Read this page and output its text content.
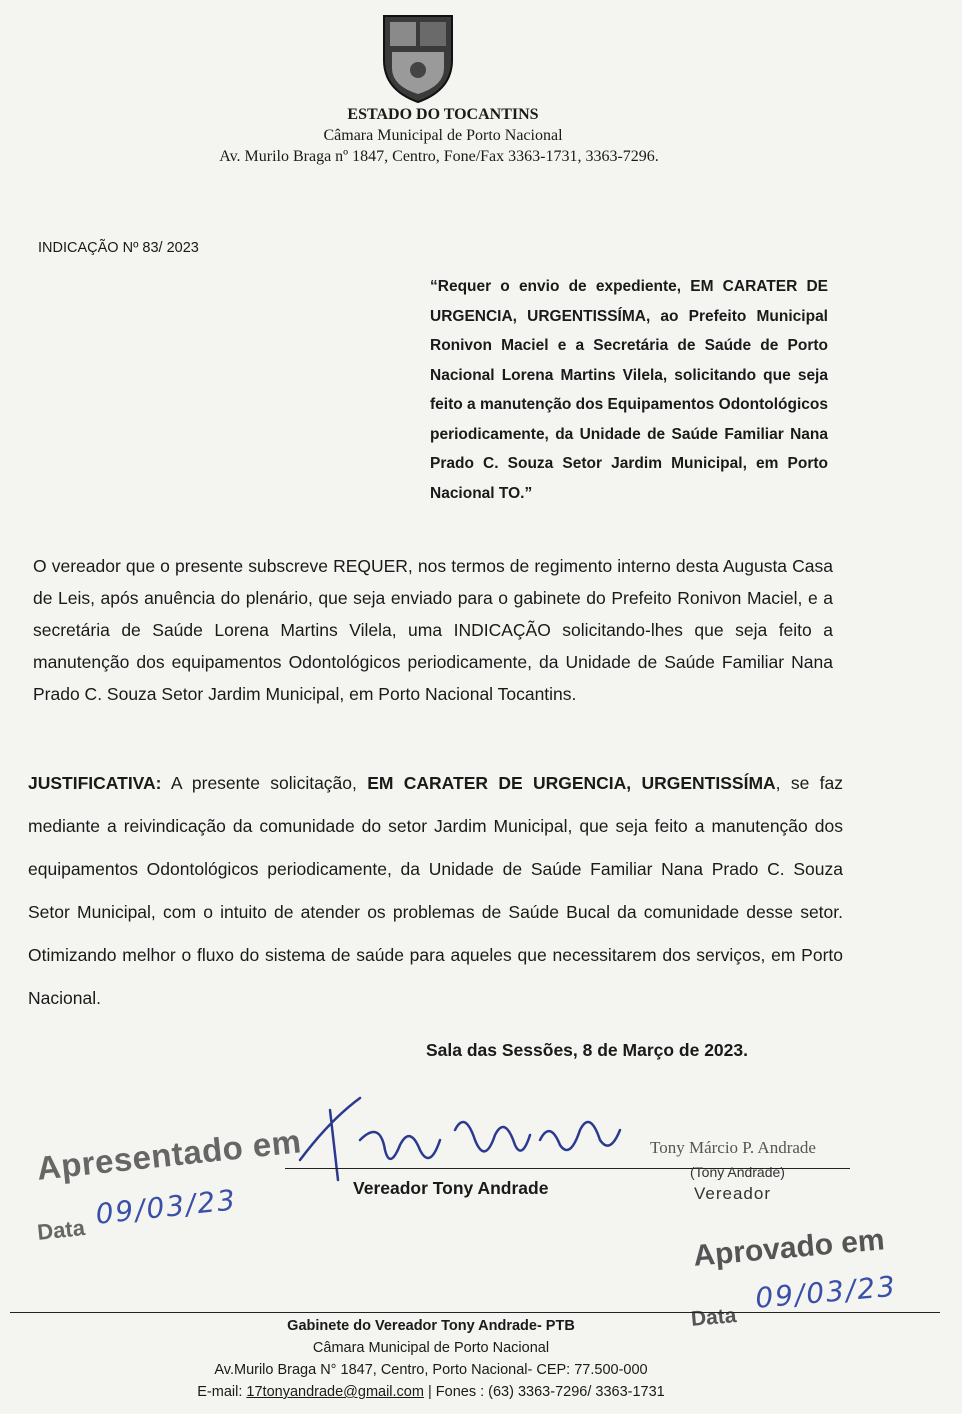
ESTADO DO TOCANTINS
Câmara Municipal de Porto Nacional
Av. Murilo Braga nº 1847, Centro, Fone/Fax 3363-1731, 3363-7296.
INDICAÇÃO Nº 83/ 2023
“Requer o envio de expediente, EM CARATER DE URGENCIA, URGENTISSÍMA, ao Prefeito Municipal Ronivon Maciel e a Secretária de Saúde de Porto Nacional Lorena Martins Vilela, solicitando que seja feito a manutenção dos Equipamentos Odontológicos periodicamente, da Unidade de Saúde Familiar Nana Prado C. Souza Setor Jardim Municipal, em Porto Nacional TO.”
O vereador que o presente subscreve REQUER, nos termos de regimento interno desta Augusta Casa de Leis, após anuência do plenário, que seja enviado para o gabinete do Prefeito Ronivon Maciel, e a secretária de Saúde Lorena Martins Vilela, uma INDICAÇÃO solicitando-lhes que seja feito a manutenção dos equipamentos Odontológicos periodicamente, da Unidade de Saúde Familiar Nana Prado C. Souza Setor Jardim Municipal, em Porto Nacional Tocantins.
JUSTIFICATIVA: A presente solicitação, EM CARATER DE URGENCIA, URGENTISSÍMA, se faz mediante a reivindicação da comunidade do setor Jardim Municipal, que seja feito a manutenção dos equipamentos Odontológicos periodicamente, da Unidade de Saúde Familiar Nana Prado C. Souza Setor Municipal, com o intuito de atender os problemas de Saúde Bucal da comunidade desse setor. Otimizando melhor o fluxo do sistema de saúde para aqueles que necessitarem dos serviços, em Porto Nacional.
Sala das Sessões, 8 de Março de 2023.
Vereador Tony Andrade
Tony Márcio P. Andrade
(Tony Andrade)
Vereador
Apresentado em
Data 09/03/23
Aprovado em
Data
09/03/23
Gabinete do Vereador Tony Andrade- PTB
Câmara Municipal de Porto Nacional
Av.Murilo Braga N° 1847, Centro, Porto Nacional- CEP: 77.500-000
E-mail: 17tonyandrade@gmail.com | Fones : (63) 3363-7296/ 3363-1731
